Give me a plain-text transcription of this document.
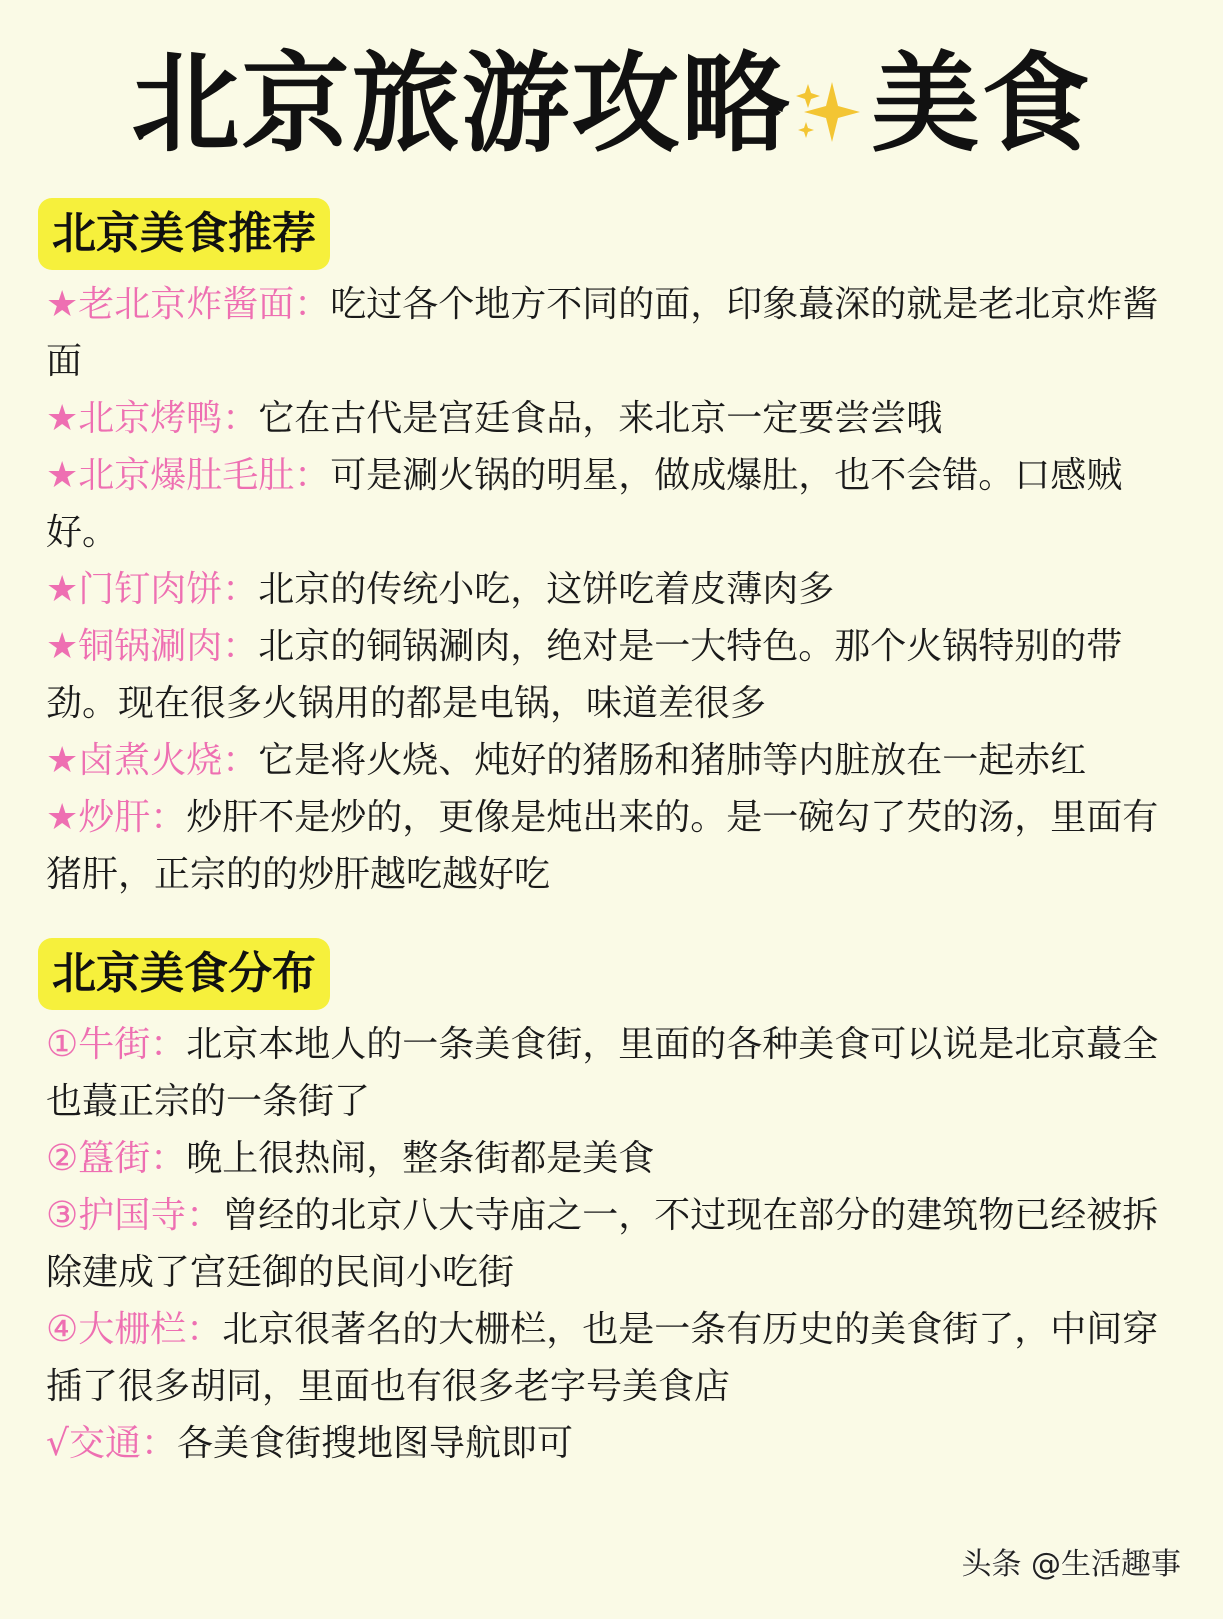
北京旅游攻略 美食
北京美食推荐
★老北京炸酱面：吃过各个地方不同的面，印象蕞深的就是老北京炸酱面
★北京烤鸭：它在古代是宫廷食品，来北京一定要尝尝哦
★北京爆肚毛肚：可是涮火锅的明星，做成爆肚，也不会错。口感贼好。
★门钉肉饼：北京的传统小吃，这饼吃着皮薄肉多
★铜锅涮肉：北京的铜锅涮肉，绝对是一大特色。那个火锅特别的带劲。现在很多火锅用的都是电锅，味道差很多
★卤煮火烧：它是将火烧、炖好的猪肠和猪肺等内脏放在一起赤红
★炒肝：炒肝不是炒的，更像是炖出来的。是一碗勾了芡的汤，里面有猪肝，正宗的的炒肝越吃越好吃
北京美食分布
①牛街：北京本地人的一条美食街，里面的各种美食可以说是北京蕞全也蕞正宗的一条街了
②簋街：晚上很热闹，整条街都是美食
③护国寺：曾经的北京八大寺庙之一，不过现在部分的建筑物已经被拆除建成了宫廷御的民间小吃街
④大栅栏：北京很著名的大栅栏，也是一条有历史的美食街了，中间穿插了很多胡同，里面也有很多老字号美食店
√交通：各美食街搜地图导航即可
头条 @生活趣事
